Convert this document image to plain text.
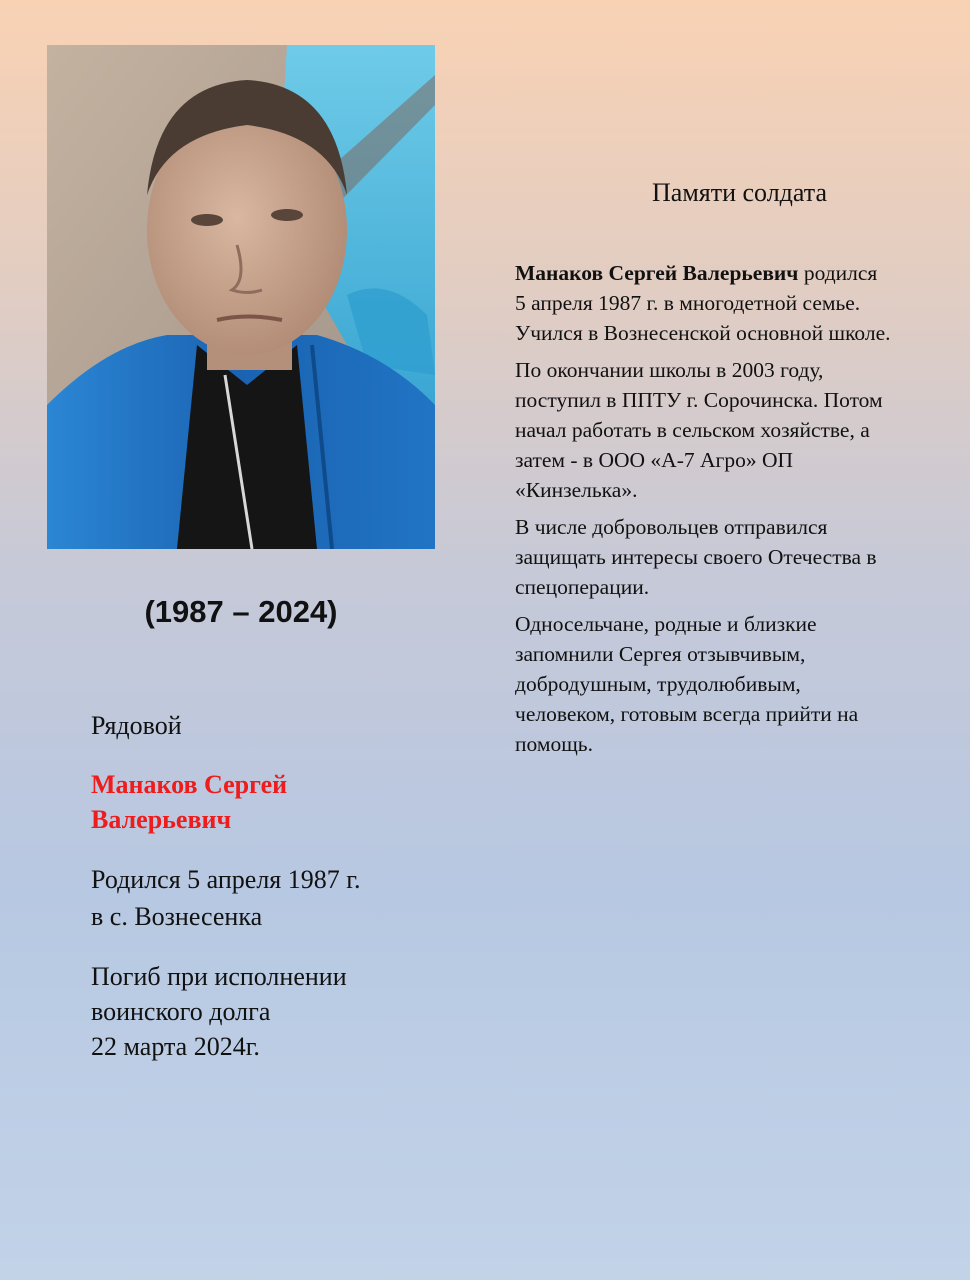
(1987 – 2024)

Рядовой

Манаков Сергей
Валерьевич

Родился 5 апреля 1987 г.
в с. Вознесенка

Погиб при исполнении
воинского долга
22 марта 2024г.

Памяти солдата

Манаков Сергей Валерьевич родился
5 апреля 1987 г. в многодетной семье.
Учился в Вознесенской основной школе.

По окончании школы в 2003 году,
поступил в ППТУ г. Сорочинска. Потом
начал работать в сельском хозяйстве, а
затем - в ООО «А-7 Агро» ОП
«Кинзелька».

В числе добровольцев отправился
защищать интересы своего Отечества в
спецоперации.

Односельчане, родные и близкие
запомнили Сергея отзывчивым,
добродушным, трудолюбивым,
человеком, готовым всегда прийти на
помощь.
